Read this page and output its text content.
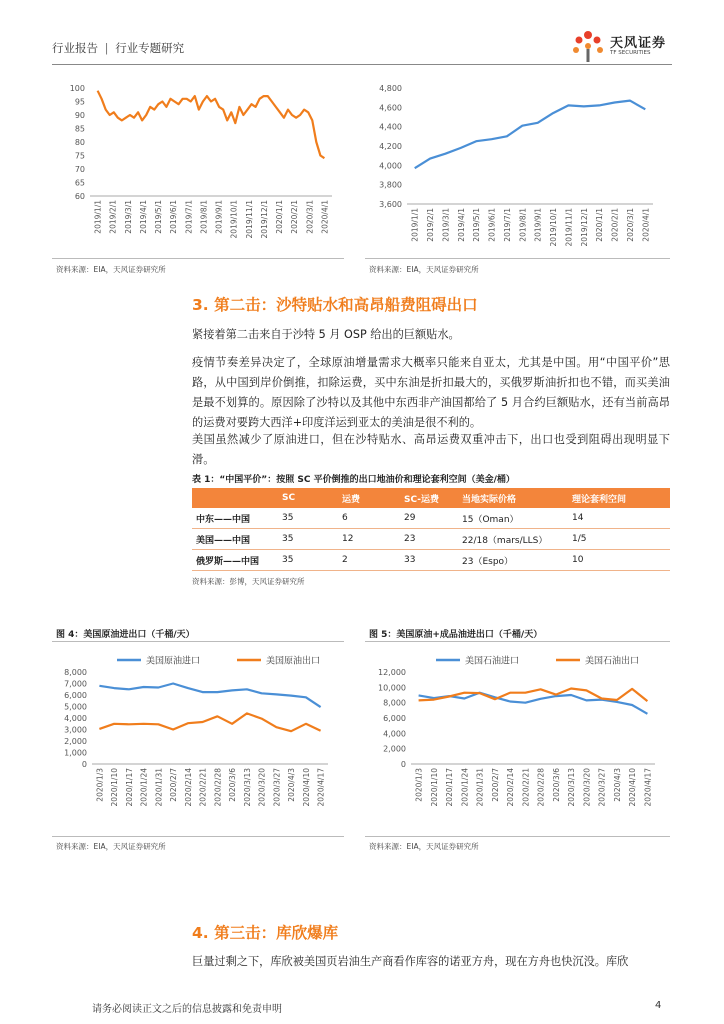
行业报告 | 行业专题研究	天风证券
TF SECURITIES
60
65
70
75
80
85
90
95
100
2019/1/1 2019/2/1 2019/3/1 2019/4/1 2019/5/1 2019/6/1 2019/7/1 2019/8/1 2019/9/1 2019/10/1 2019/11/1 2019/12/1 2020/1/1 2020/2/1 2020/3/1 2020/4/1	3,600
3,800
4,000
4,200
4,400
4,600
4,800
2019/1/1 2019/2/1 2019/3/1 2019/4/1 2019/5/1 2019/6/1 2019/7/1 2019/8/1 2019/9/1 2019/10/1 2019/11/1 2019/12/1 2020/1/1 2020/2/1 2020/3/1 2020/4/1
资料来源：EIA，天风证券研究所	资料来源：EIA，天风证券研究所
3. 第二击：沙特贴水和高昂船费阻碍出口
紧接着第二击来自于沙特 5 月 OSP 给出的巨额贴水。
疫情节奏差异决定了，全球原油增量需求大概率只能来自亚太，尤其是中国。用“中国平价”思路，从中国到岸价倒推，扣除运费，买中东油是折扣最大的，买俄罗斯油折扣也不错，而买美油是最不划算的。原因除了沙特以及其他中东西非产油国都给了 5 月合约巨额贴水，还有当前高昂的运费对要跨大西洋+印度洋运到亚太的美油是很不利的。
美国虽然减少了原油进口，但在沙特贴水、高昂运费双重冲击下，出口也受到阻碍出现明显下滑。
表 1：“中国平价”：按照 SC 平价倒推的出口地油价和理论套利空间（美金/桶）
	SC	运费	SC-运费	当地实际价格	理论套利空间
中东——中国	35	6	29	15（Oman）	14
美国——中国	35	12	23	22/18（mars/LLS）	1/5
俄罗斯——中国	35	2	33	23（Espo）	10
资料来源：彭博，天风证券研究所
图 4：美国原油进出口（千桶/天）	图 5：美国原油+成品油进出口（千桶/天）
0
1,000
2,000
3,000
4,000
5,000
6,000
7,000
8,000
2020/1/3 2020/1/10 2020/1/17 2020/1/24 2020/1/31 2020/2/7 2020/2/14 2020/2/21 2020/2/28 2020/3/6 2020/3/13 2020/3/20 2020/3/27 2020/4/3 2020/4/10 2020/4/17
美国原油进口	美国原油出口
0
2,000
4,000
6,000
8,000
10,000
12,000
2020/1/3 2020/1/10 2020/1/17 2020/1/24 2020/1/31 2020/2/7 2020/2/14 2020/2/21 2020/2/28 2020/3/6 2020/3/13 2020/3/20 2020/3/27 2020/4/3 2020/4/10 2020/4/17
美国石油进口	美国石油出口
资料来源：EIA，天风证券研究所	资料来源：EIA，天风证券研究所
4. 第三击：库欣爆库
巨量过剩之下，库欣被美国页岩油生产商看作库容的诺亚方舟，现在方舟也快沉没。库欣
请务必阅读正文之后的信息披露和免责申明	4
